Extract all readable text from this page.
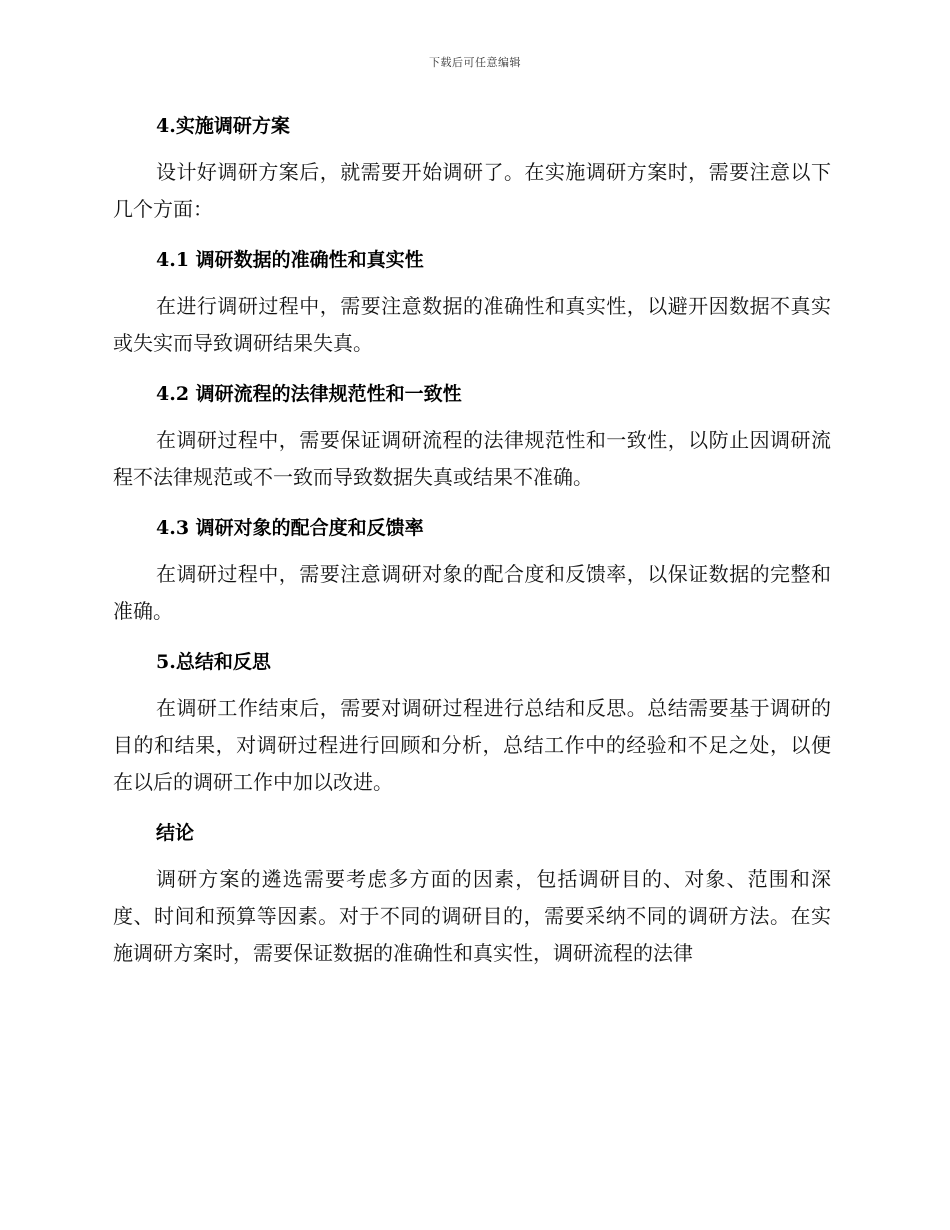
下载后可任意编辑
4.实施调研方案

设计好调研方案后，就需要开始调研了。在实施调研方案时，需要注意以下几个方面：

4.1 调研数据的准确性和真实性

在进行调研过程中，需要注意数据的准确性和真实性，以避开因数据不真实或失实而导致调研结果失真。

4.2 调研流程的法律规范性和一致性

在调研过程中，需要保证调研流程的法律规范性和一致性，以防止因调研流程不法律规范或不一致而导致数据失真或结果不准确。

4.3 调研对象的配合度和反馈率

在调研过程中，需要注意调研对象的配合度和反馈率，以保证数据的完整和准确。

5.总结和反思

在调研工作结束后，需要对调研过程进行总结和反思。总结需要基于调研的目的和结果，对调研过程进行回顾和分析，总结工作中的经验和不足之处，以便在以后的调研工作中加以改进。

结论

调研方案的遴选需要考虑多方面的因素，包括调研目的、对象、范围和深度、时间和预算等因素。对于不同的调研目的，需要采纳不同的调研方法。在实施调研方案时，需要保证数据的准确性和真实性，调研流程的法律
